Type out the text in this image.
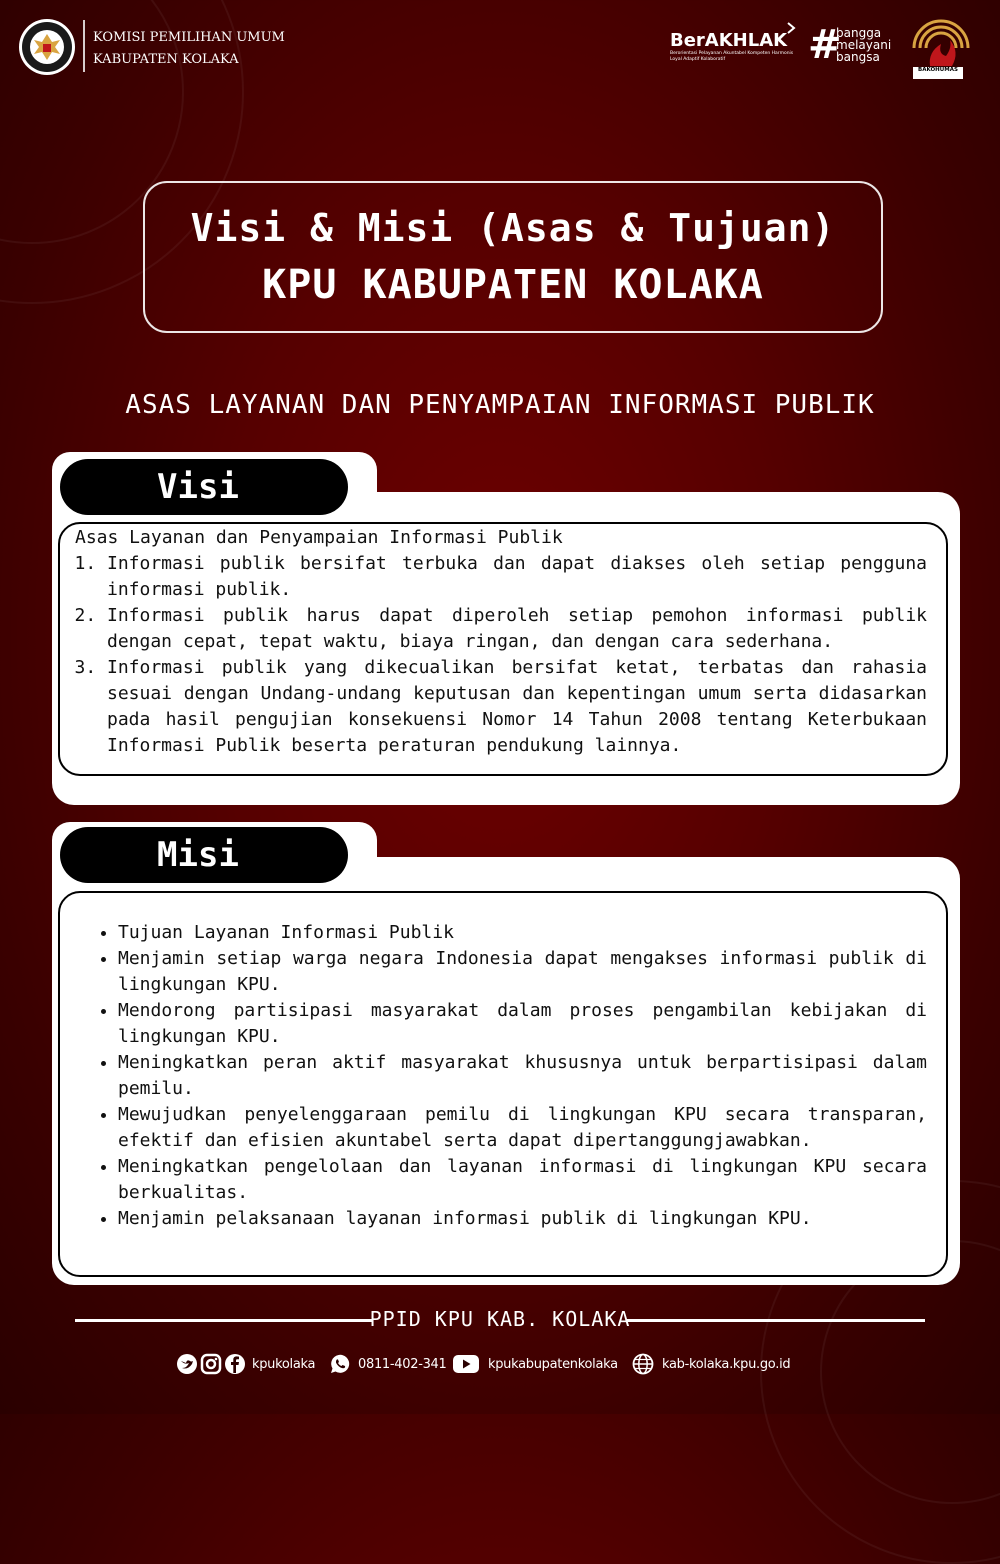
KOMISI PEMILIHAN UMUM
KABUPATEN KOLAKA
BerAKHLAK
Berorientasi Pelayanan Akuntabel Kompeten Harmonis Loyal Adaptif Kolaboratif	#
bangga
melayani
bangsa
BAKOHUMAS
Visi & Misi (Asas & Tujuan)
KPU KABUPATEN KOLAKA
ASAS LAYANAN DAN PENYAMPAIAN INFORMASI PUBLIK
Visi
Asas Layanan dan Penyampaian Informasi Publik
1. Informasi publik bersifat terbuka dan dapat diakses oleh setiap pengguna informasi publik.
2. Informasi publik harus dapat diperoleh setiap pemohon informasi publik dengan cepat, tepat waktu, biaya ringan, dan dengan cara sederhana.
3. Informasi publik yang dikecualikan bersifat ketat, terbatas dan rahasia sesuai dengan Undang-undang keputusan dan kepentingan umum serta didasarkan pada hasil pengujian konsekuensi Nomor 14 Tahun 2008 tentang Keterbukaan Informasi Publik beserta peraturan pendukung lainnya.
Misi
• Tujuan Layanan Informasi Publik
• Menjamin setiap warga negara Indonesia dapat mengakses informasi publik di lingkungan KPU.
• Mendorong partisipasi masyarakat dalam proses pengambilan kebijakan di lingkungan KPU.
• Meningkatkan peran aktif masyarakat khususnya untuk berpartisipasi dalam pemilu.
• Mewujudkan penyelenggaraan pemilu di lingkungan KPU secara transparan, efektif dan efisien akuntabel serta dapat dipertanggungjawabkan.
• Meningkatkan pengelolaan dan layanan informasi di lingkungan KPU secara berkualitas.
• Menjamin pelaksanaan layanan informasi publik di lingkungan KPU.
PPID KPU KAB. KOLAKA
kpukolaka	0811-402-341	kpukabupatenkolaka	kab-kolaka.kpu.go.id
